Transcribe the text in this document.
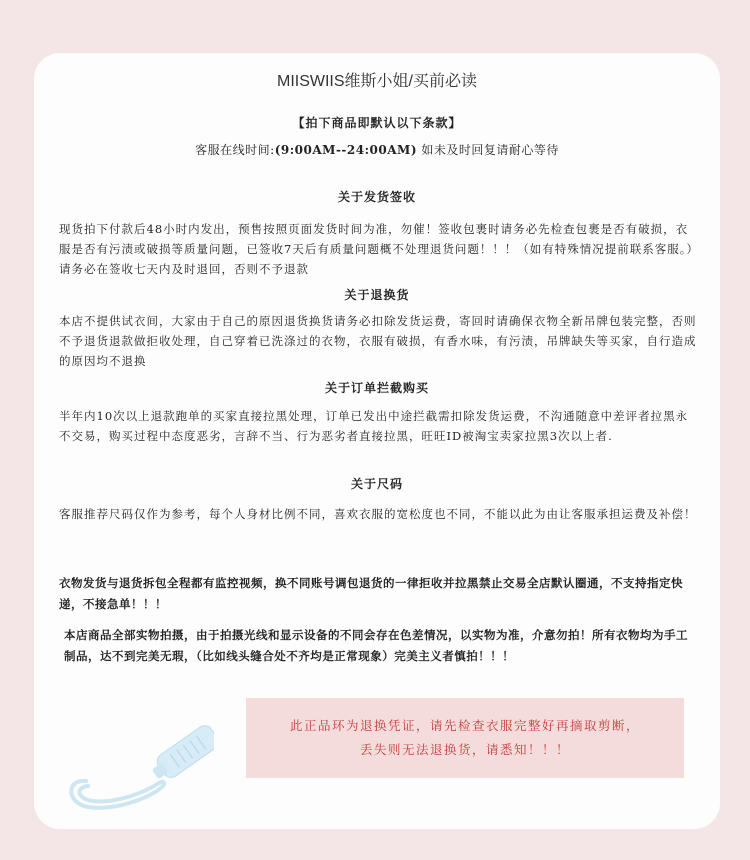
MIISWIIS维斯小姐/买前必读
【拍下商品即默认以下条款】
客服在线时间:(9:00AM--24:00AM) 如未及时回复请耐心等待
关于发货签收

现货拍下付款后48小时内发出，预售按照页面发货时间为准，勿催！签收包裹时请务必先检查包裹是否有破损，衣服是否有污渍或破损等质量问题，已签收7天后有质量问题概不处理退货问题！！！（如有特殊情况提前联系客服。）请务必在签收七天内及时退回，否则不予退款

关于退换货

本店不提供试衣间，大家由于自己的原因退货换货请务必扣除发货运费，寄回时请确保衣物全新吊牌包装完整，否则不予退货退款做拒收处理，自己穿着已洗涤过的衣物，衣服有破损，有香水味，有污渍，吊牌缺失等买家，自行造成的原因均不退换

关于订单拦截购买

半年内10次以上退款跑单的买家直接拉黑处理，订单已发出中途拦截需扣除发货运费，不沟通随意中差评者拉黑永不交易，购买过程中态度恶劣，言辞不当、行为恶劣者直接拉黑，旺旺ID被淘宝卖家拉黑3次以上者.

关于尺码

客服推荐尺码仅作为参考，每个人身材比例不同，喜欢衣服的宽松度也不同，不能以此为由让客服承担运费及补偿！

衣物发货与退货拆包全程都有监控视频，换不同账号调包退货的一律拒收并拉黑禁止交易全店默认圈通，不支持指定快递，不接急单！！！

本店商品全部实物拍摄，由于拍摄光线和显示设备的不同会存在色差情况，以实物为准，介意勿拍！所有衣物均为手工制品，达不到完美无瑕，（比如线头缝合处不齐均是正常现象）完美主义者慎拍！！！

此正品环为退换凭证，请先检查衣服完整好再摘取剪断，

丢失则无法退换货，请悉知！！！
